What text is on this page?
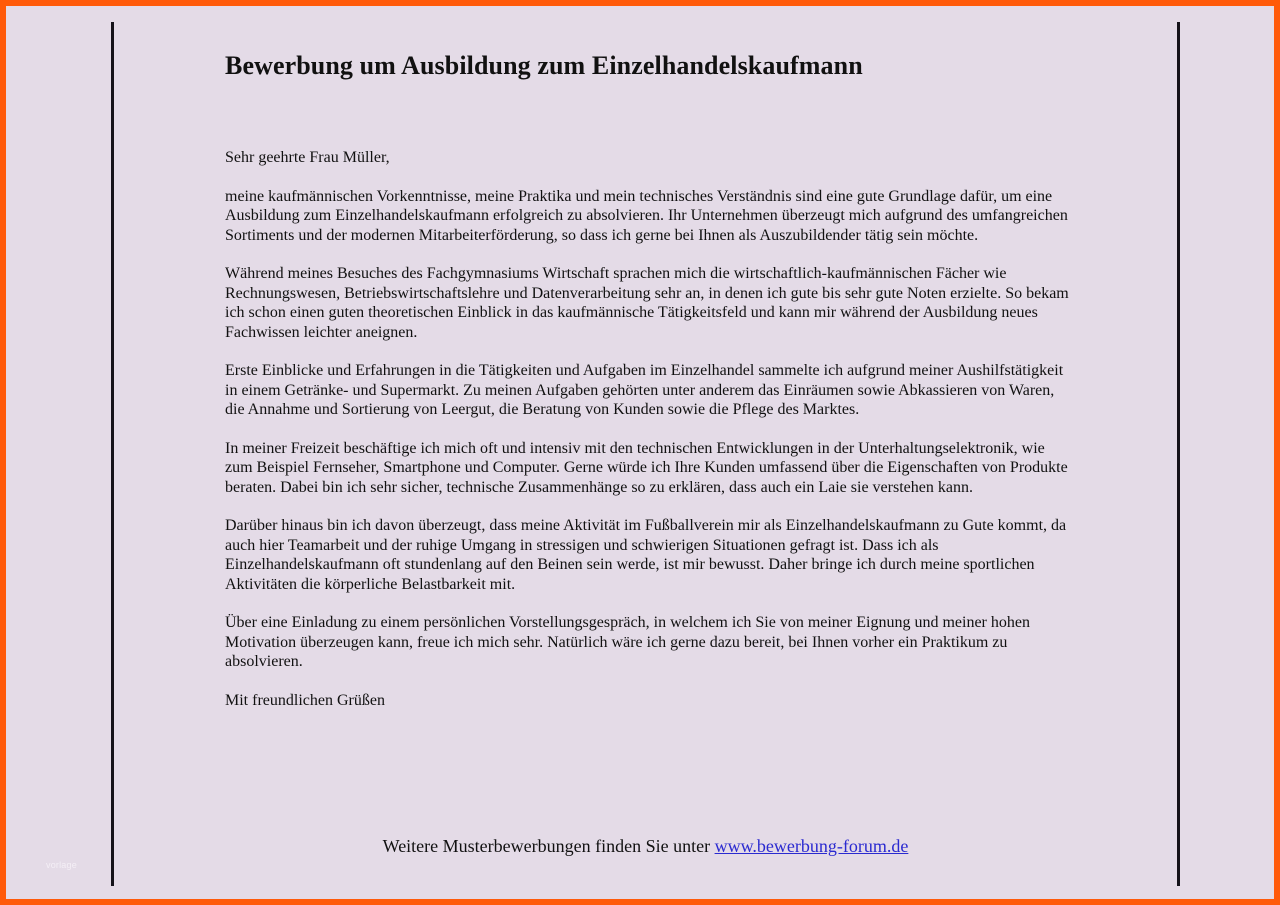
vorlage
Bewerbung um Ausbildung zum Einzelhandelskaufmann

Sehr geehrte Frau Müller,

meine kaufmännischen Vorkenntnisse, meine Praktika und mein technisches Verständnis sind eine gute Grundlage dafür, um eine Ausbildung zum Einzelhandelskaufmann erfolgreich zu absolvieren. Ihr Unternehmen überzeugt mich aufgrund des umfangreichen Sortiments und der modernen Mitarbeiterförderung, so dass ich gerne bei Ihnen als Auszubildender tätig sein möchte.

Während meines Besuches des Fachgymnasiums Wirtschaft sprachen mich die wirtschaftlich-kaufmännischen Fächer wie Rechnungswesen, Betriebswirtschaftslehre und Datenverarbeitung sehr an, in denen ich gute bis sehr gute Noten erzielte. So bekam ich schon einen guten theoretischen Einblick in das kaufmännische Tätigkeitsfeld und kann mir während der Ausbildung neues Fachwissen leichter aneignen.

Erste Einblicke und Erfahrungen in die Tätigkeiten und Aufgaben im Einzelhandel sammelte ich aufgrund meiner Aushilfstätigkeit in einem Getränke- und Supermarkt. Zu meinen Aufgaben gehörten unter anderem das Einräumen sowie Abkassieren von Waren, die Annahme und Sortierung von Leergut, die Beratung von Kunden sowie die Pflege des Marktes.

In meiner Freizeit beschäftige ich mich oft und intensiv mit den technischen Entwicklungen in der Unterhaltungselektronik, wie zum Beispiel Fernseher, Smartphone und Computer. Gerne würde ich Ihre Kunden umfassend über die Eigenschaften von Produkte beraten. Dabei bin ich sehr sicher, technische Zusammenhänge so zu erklären, dass auch ein Laie sie verstehen kann.

Darüber hinaus bin ich davon überzeugt, dass meine Aktivität im Fußballverein mir als Einzelhandelskaufmann zu Gute kommt, da auch hier Teamarbeit und der ruhige Umgang in stressigen und schwierigen Situationen gefragt ist. Dass ich als Einzelhandelskaufmann oft stundenlang auf den Beinen sein werde, ist mir bewusst. Daher bringe ich durch meine sportlichen Aktivitäten die körperliche Belastbarkeit mit.

Über eine Einladung zu einem persönlichen Vorstellungsgespräch, in welchem ich Sie von meiner Eignung und meiner hohen Motivation überzeugen kann, freue ich mich sehr. Natürlich wäre ich gerne dazu bereit, bei Ihnen vorher ein Praktikum zu absolvieren.

Mit freundlichen Grüßen

Weitere Musterbewerbungen finden Sie unter www.bewerbung-forum.de
